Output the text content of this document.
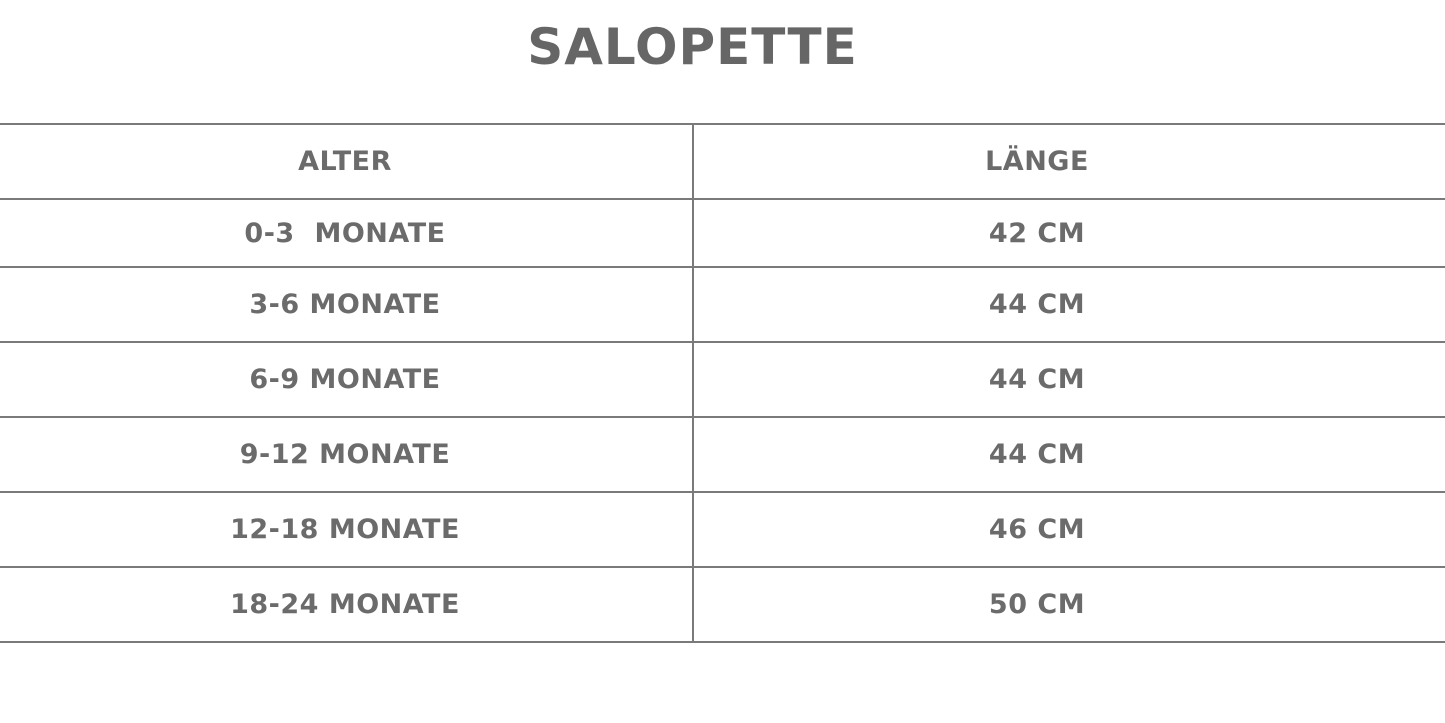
SALOPETTE
ALTER	LÄNGE
0-3  MONATE	42 CM
3-6 MONATE	44 CM
6-9 MONATE	44 CM
9-12 MONATE	44 CM
12-18 MONATE	46 CM
18-24 MONATE	50 CM
